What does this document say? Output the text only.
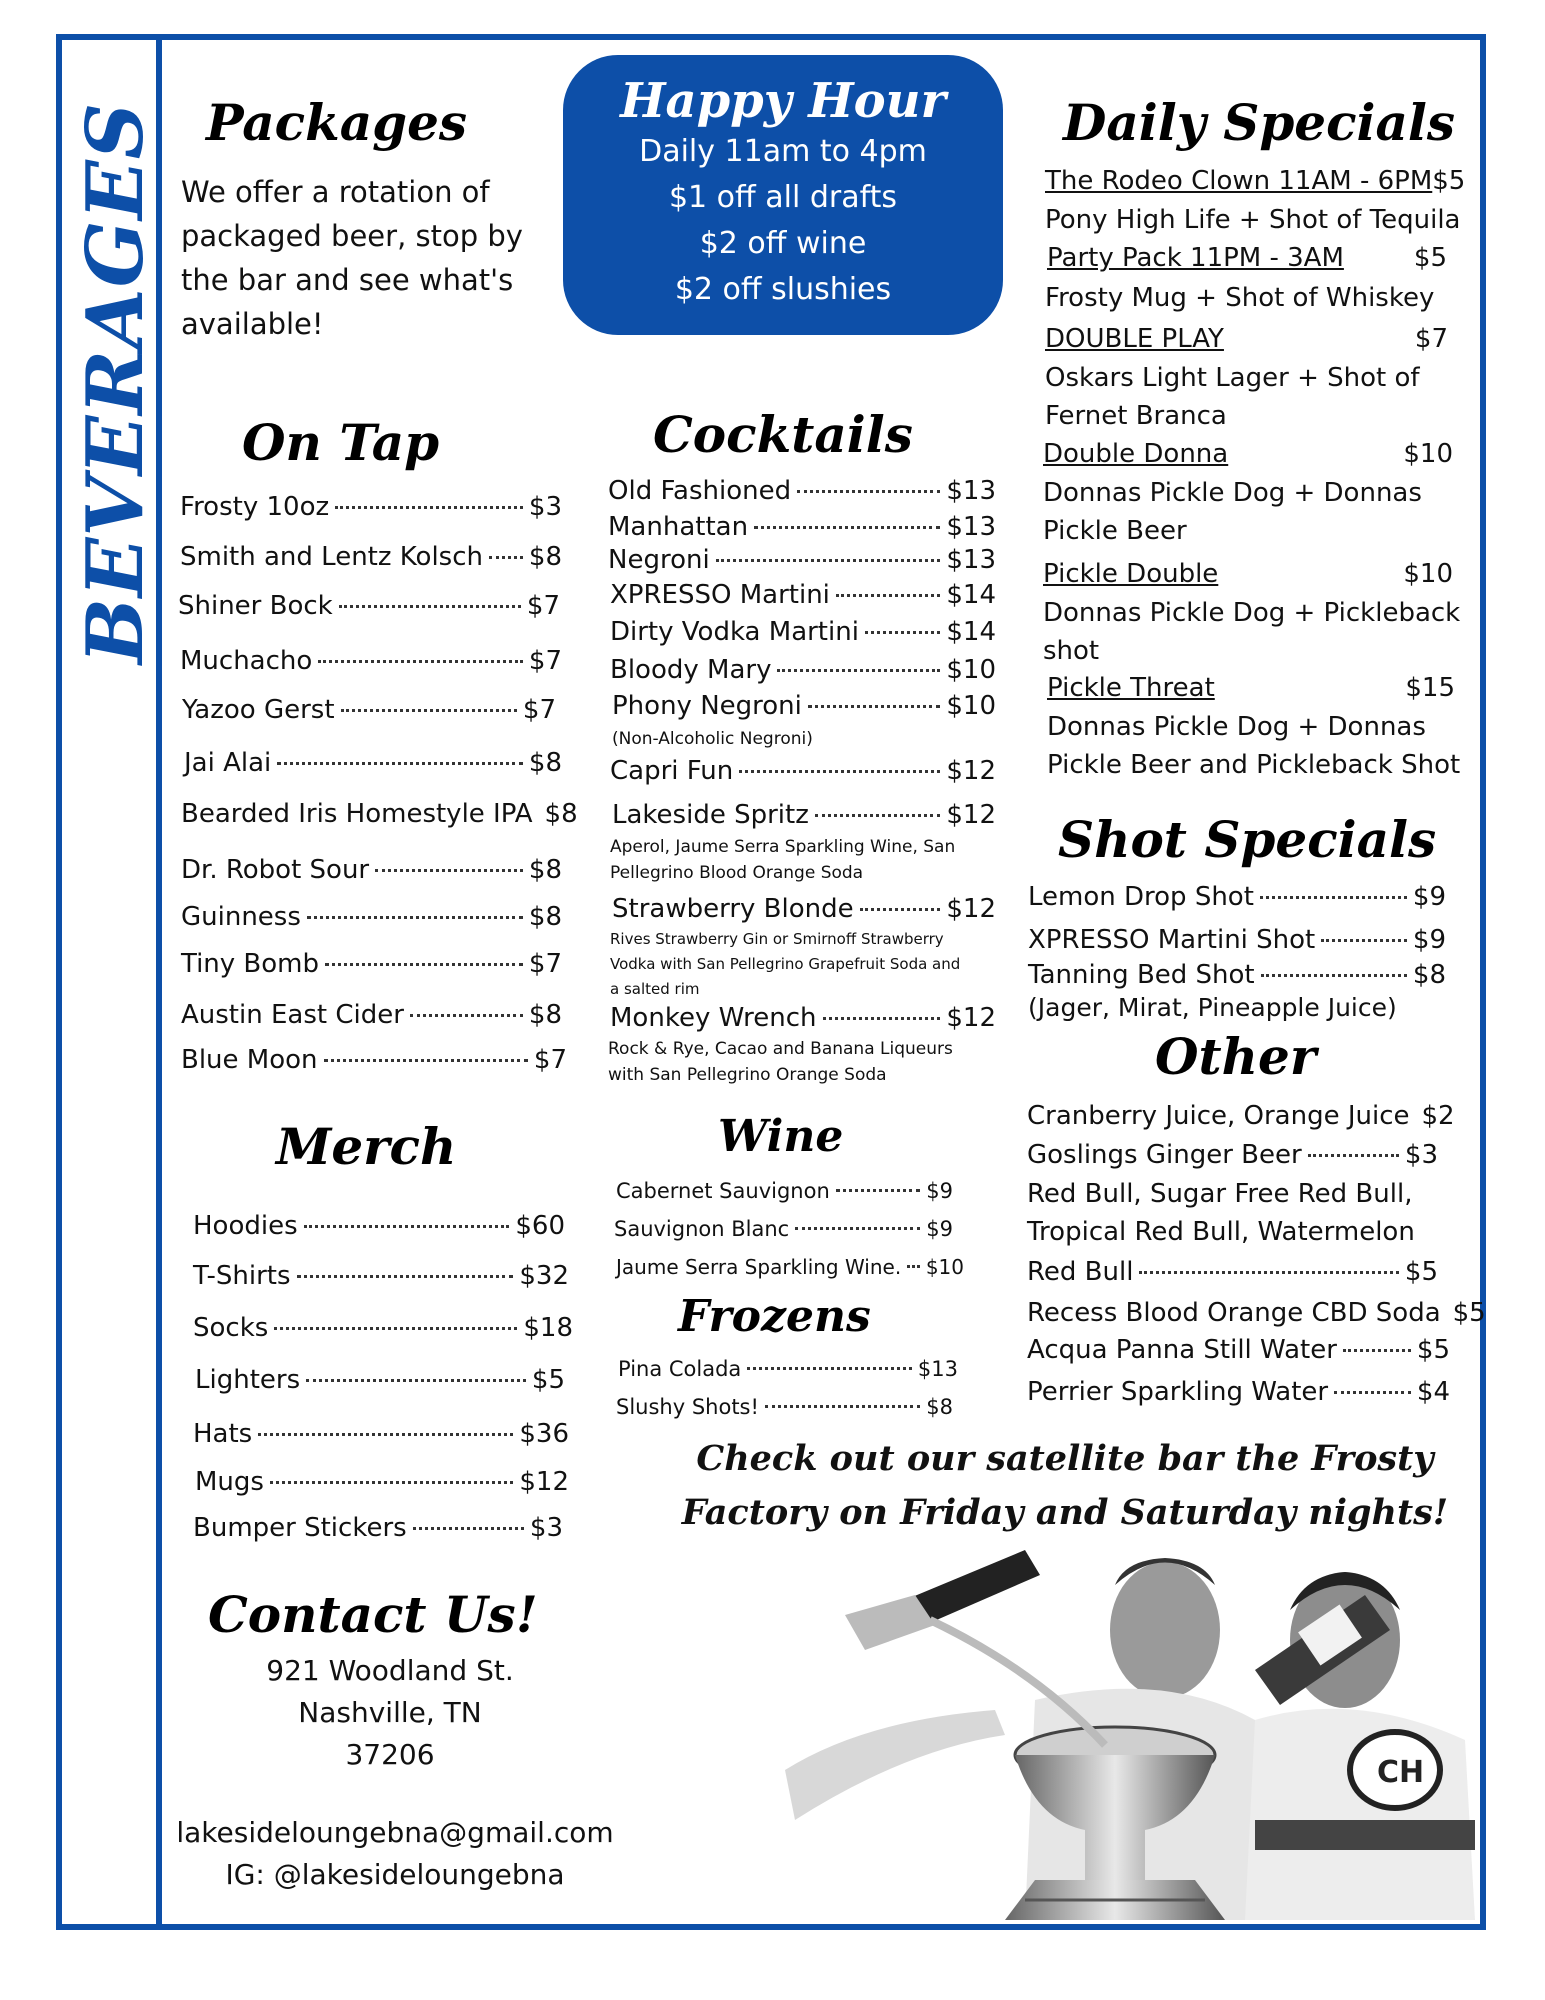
BEVERAGES Packages
We offer a rotation of
packaged beer, stop by
the bar and see what's
available!
Happy Hour
Daily 11am to 4pm
$1 off all drafts
$2 off wine
$2 off slushies
Daily Specials
The Rodeo Clown 11AM - 6PM $5
Pony High Life + Shot of Tequila
Party Pack 11PM - 3AM	$5
Frosty Mug + Shot of Whiskey
DOUBLE PLAY	$7
Oskars Light Lager + Shot of
Fernet Branca
Double Donna	$10
Donnas Pickle Dog + Donnas
Pickle Beer
Pickle Double	$10
Donnas Pickle Dog + Pickleback
shot
Pickle Threat	$15
Donnas Pickle Dog + Donnas
Pickle Beer and Pickleback Shot
On Tap
Frosty 10oz	$3
Smith and Lentz Kolsch $8
Shiner Bock	$7
Muchacho	$7
Yazoo Gerst	$7
Jai Alai	$8
Bearded Iris Homestyle IPA $8
Dr. Robot Sour	$8
Guinness	$8
Tiny Bomb	$7
Austin East Cider	$8
Blue Moon	$7
Cocktails
Old Fashioned	$13
Manhattan	$13
Negroni	$13
XPRESSO Martini	$14
Dirty Vodka Martini	$14
Bloody Mary	$10
Phony Negroni	$10
(Non-Alcoholic Negroni)
Capri Fun	$12
Lakeside Spritz	$12
Aperol, Jaume Serra Sparkling Wine, San
Pellegrino Blood Orange Soda
Strawberry Blonde	$12
Rives Strawberry Gin or Smirnoff Strawberry
Vodka with San Pellegrino Grapefruit Soda and
a salted rim
Monkey Wrench	$12
Rock & Rye, Cacao and Banana Liqueurs
with San Pellegrino Orange Soda
Shot Specials
Lemon Drop Shot	$9
XPRESSO Martini Shot	$9
Tanning Bed Shot	$8
(Jager, Mirat, Pineapple Juice)
Other
Cranberry Juice, Orange Juice $2
Goslings Ginger Beer	$3
Red Bull, Sugar Free Red Bull,
Tropical Red Bull, Watermelon
Red Bull	$5
Recess Blood Orange CBD Soda $5
Acqua Panna Still Water	$5
Perrier Sparkling Water	$4
Merch
Hoodies	$60
T-Shirts	$32
Socks	$18
Lighters	$5
Hats	$36
Mugs	$12
Bumper Stickers	$3
Wine
Cabernet Sauvignon	$9
Sauvignon Blanc	$9
Jaume Serra Sparkling Wine. $10
Frozens
Pina Colada	$13
Slushy Shots!	$8
Check out our satellite bar the Frosty
Factory on Friday and Saturday nights!
CH
Contact Us!
921 Woodland St.
Nashville, TN
37206
lakesideloungebna@gmail.com
IG: @lakesideloungebna
